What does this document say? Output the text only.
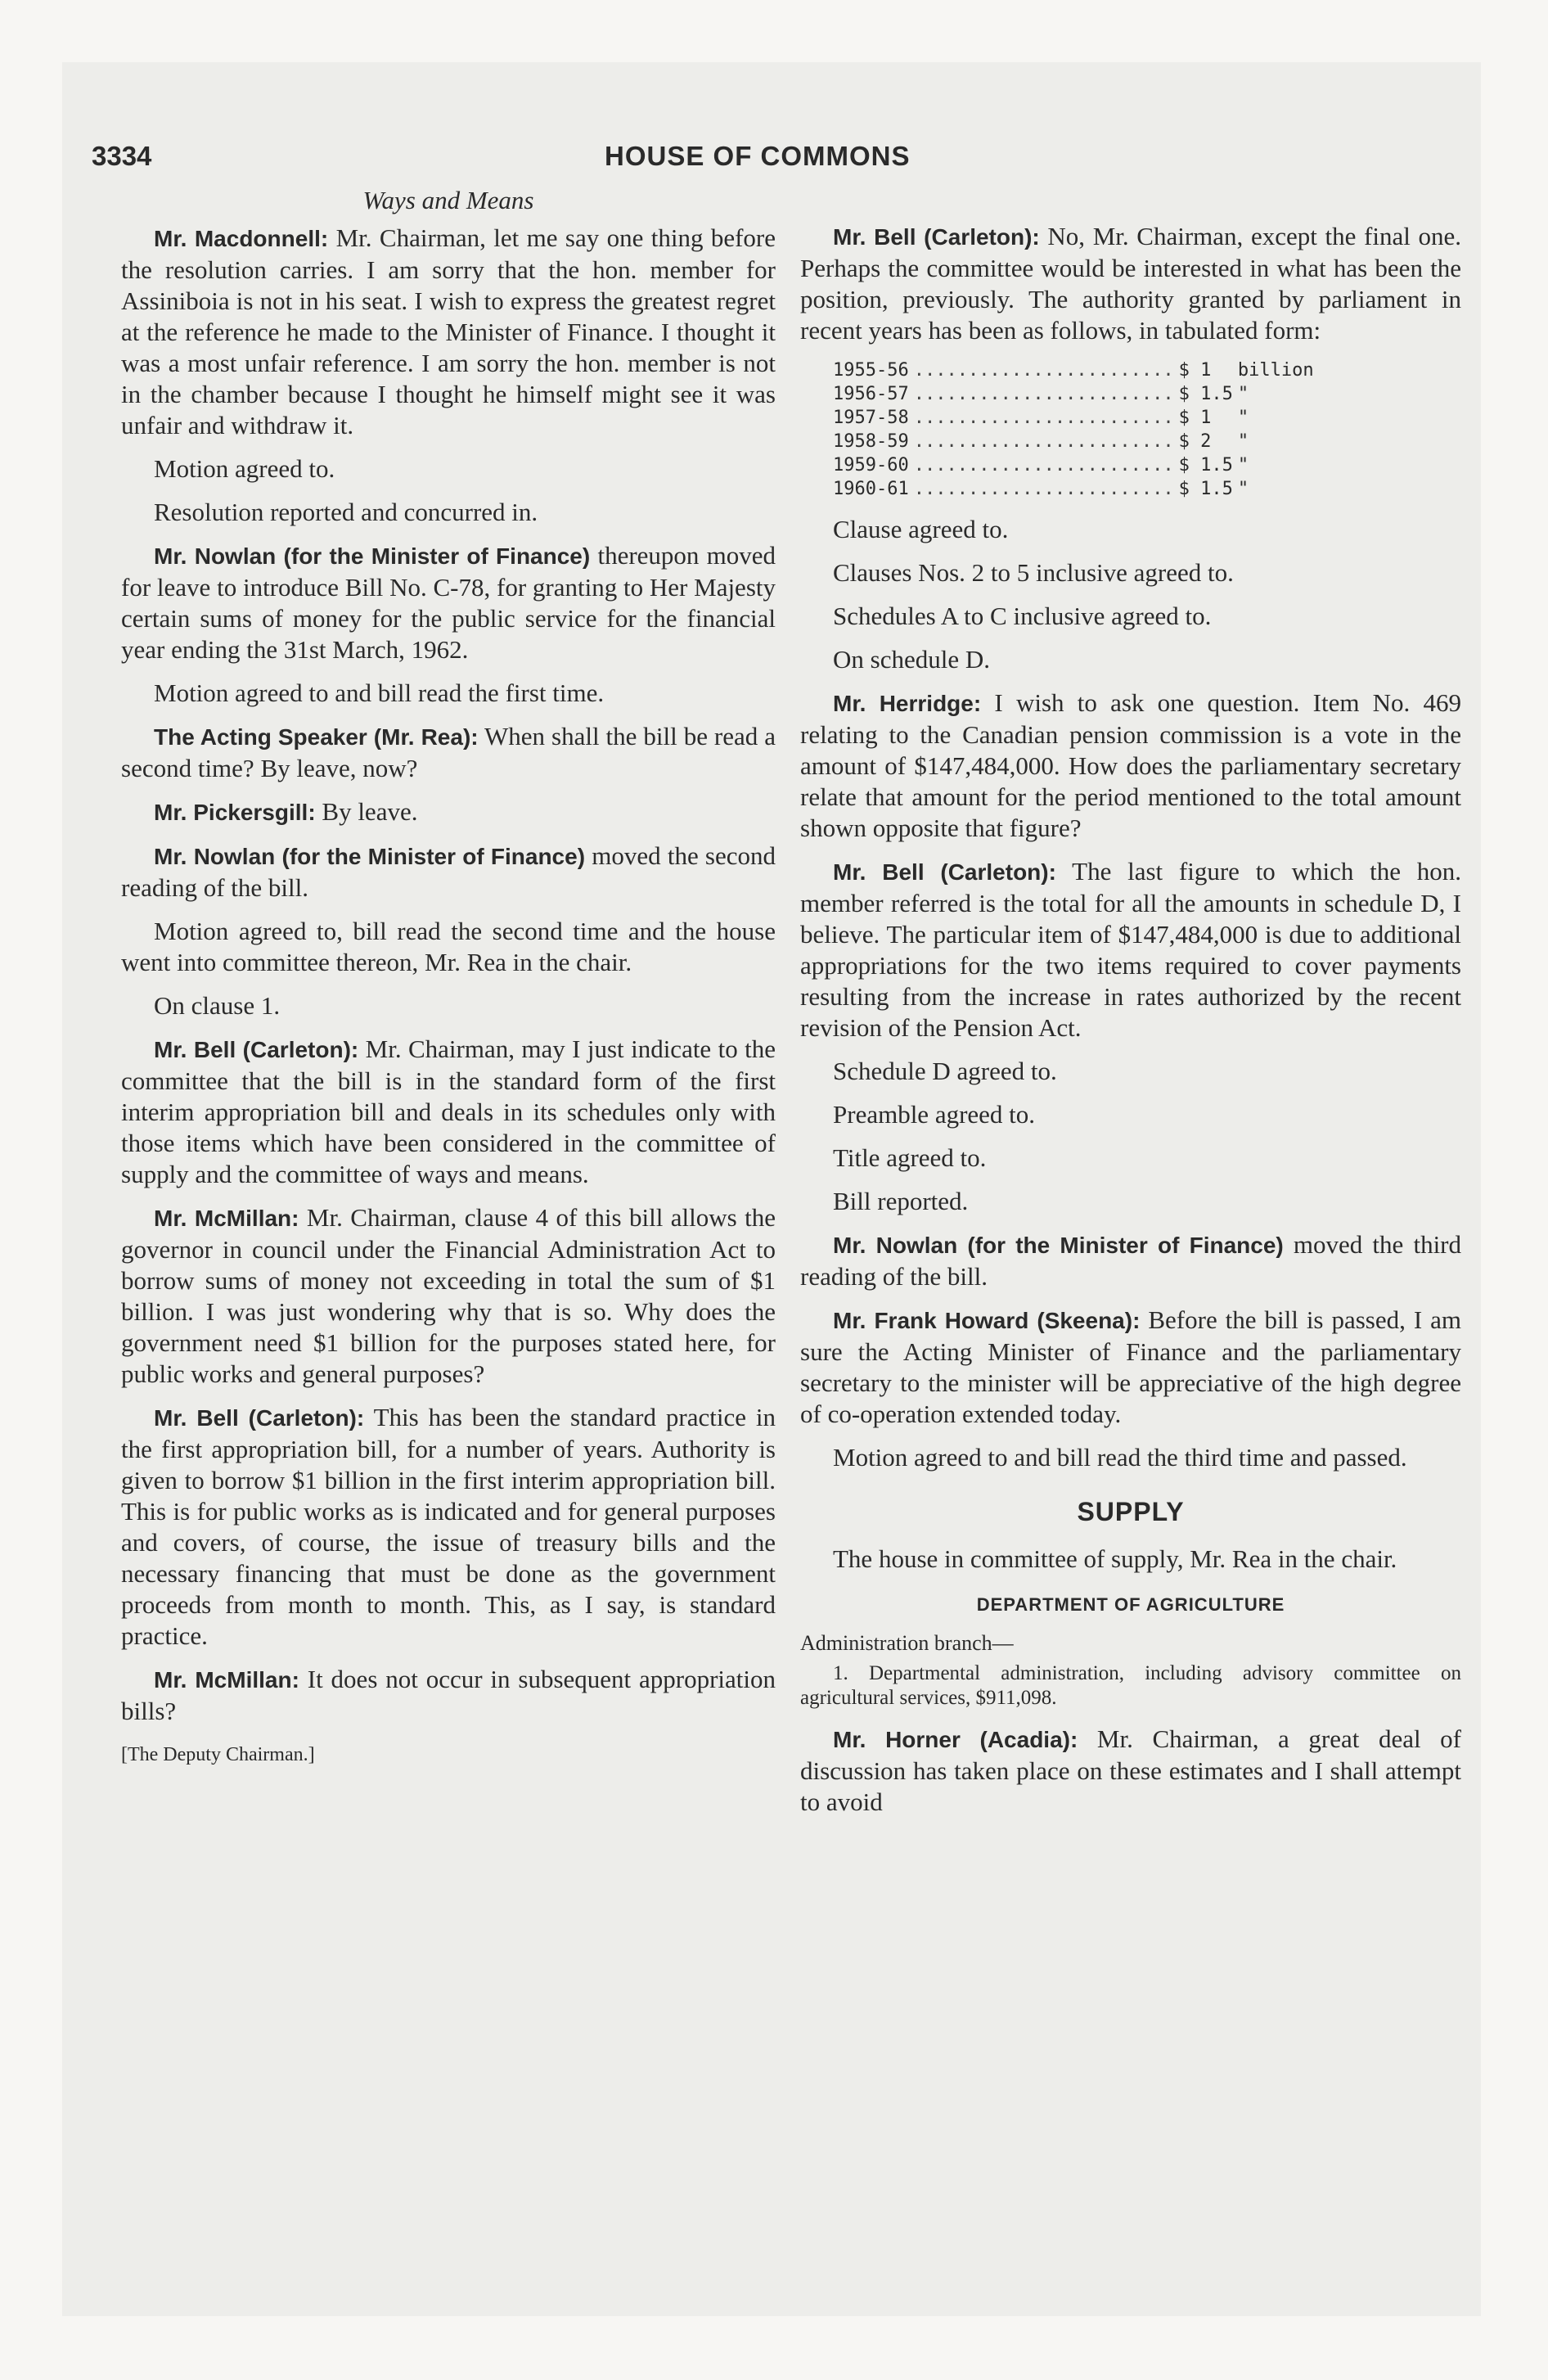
3334	HOUSE OF COMMONS
Ways and Means

Mr. Macdonnell: Mr. Chairman, let me say one thing before the resolution carries. I am sorry that the hon. member for Assiniboia is not in his seat. I wish to express the greatest regret at the reference he made to the Minister of Finance. I thought it was a most unfair reference. I am sorry the hon. member is not in the chamber because I thought he himself might see it was unfair and withdraw it.

Motion agreed to.

Resolution reported and concurred in.

Mr. Nowlan (for the Minister of Finance) thereupon moved for leave to introduce Bill No. C-78, for granting to Her Majesty certain sums of money for the public service for the financial year ending the 31st March, 1962.

Motion agreed to and bill read the first time.

The Acting Speaker (Mr. Rea): When shall the bill be read a second time? By leave, now?

Mr. Pickersgill: By leave.

Mr. Nowlan (for the Minister of Finance) moved the second reading of the bill.

Motion agreed to, bill read the second time and the house went into committee thereon, Mr. Rea in the chair.

On clause 1.

Mr. Bell (Carleton): Mr. Chairman, may I just indicate to the committee that the bill is in the standard form of the first interim appropriation bill and deals in its schedules only with those items which have been considered in the committee of supply and the committee of ways and means.

Mr. McMillan: Mr. Chairman, clause 4 of this bill allows the governor in council under the Financial Administration Act to borrow sums of money not exceeding in total the sum of $1 billion. I was just wondering why that is so. Why does the government need $1 billion for the purposes stated here, for public works and general purposes?

Mr. Bell (Carleton): This has been the standard practice in the first appropriation bill, for a number of years. Authority is given to borrow $1 billion in the first interim appropriation bill. This is for public works as is indicated and for general purposes and covers, of course, the issue of treasury bills and the necessary financing that must be done as the government proceeds from month to month. This, as I say, is standard practice.

Mr. McMillan: It does not occur in subsequent appropriation bills?

[The Deputy Chairman.]

Mr. Bell (Carleton): No, Mr. Chairman, except the final one. Perhaps the committee would be interested in what has been the position, previously. The authority granted by parliament in recent years has been as follows, in tabulated form:

1955-56	........................	$ 1	billion
1956-57	........................	$ 1.5	"
1957-58	........................	$ 1	"
1958-59	........................	$ 2	"
1959-60	........................	$ 1.5	"
1960-61	........................	$ 1.5	"

Clause agreed to.

Clauses Nos. 2 to 5 inclusive agreed to.

Schedules A to C inclusive agreed to.

On schedule D.

Mr. Herridge: I wish to ask one question. Item No. 469 relating to the Canadian pension commission is a vote in the amount of $147,484,000. How does the parliamentary secretary relate that amount for the period mentioned to the total amount shown opposite that figure?

Mr. Bell (Carleton): The last figure to which the hon. member referred is the total for all the amounts in schedule D, I believe. The particular item of $147,484,000 is due to additional appropriations for the two items required to cover payments resulting from the increase in rates authorized by the recent revision of the Pension Act.

Schedule D agreed to.

Preamble agreed to.

Title agreed to.

Bill reported.

Mr. Nowlan (for the Minister of Finance) moved the third reading of the bill.

Mr. Frank Howard (Skeena): Before the bill is passed, I am sure the Acting Minister of Finance and the parliamentary secretary to the minister will be appreciative of the high degree of co-operation extended today.

Motion agreed to and bill read the third time and passed.

SUPPLY

The house in committee of supply, Mr. Rea in the chair.

DEPARTMENT OF AGRICULTURE

Administration branch—

1. Departmental administration, including advisory committee on agricultural services, $911,098.

Mr. Horner (Acadia): Mr. Chairman, a great deal of discussion has taken place on these estimates and I shall attempt to avoid
